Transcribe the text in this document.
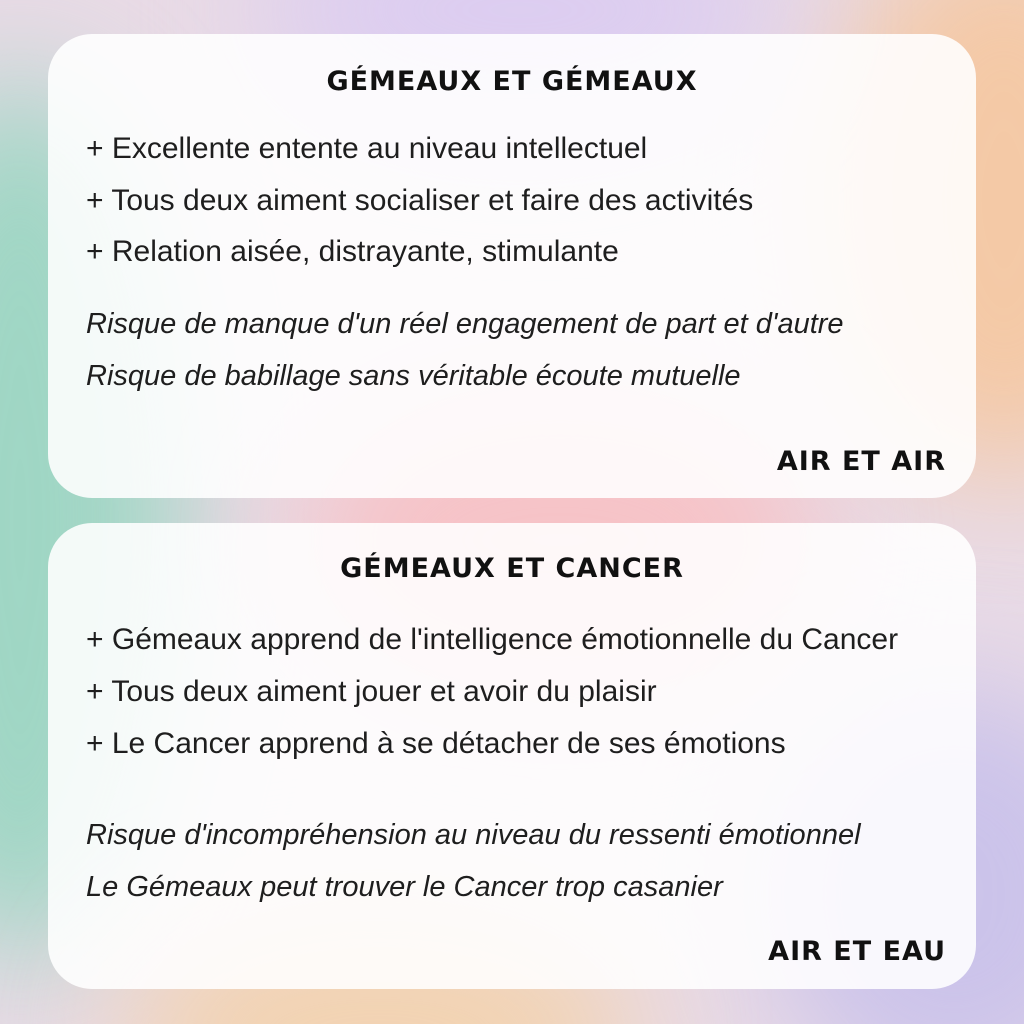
GÉMEAUX ET GÉMEAUX
+ Excellente entente au niveau intellectuel
+ Tous deux aiment socialiser et faire des activités
+ Relation aisée, distrayante, stimulante
Risque de manque d'un réel engagement de part et d'autre
Risque de babillage sans véritable écoute mutuelle
AIR ET AIR
GÉMEAUX ET CANCER
+ Gémeaux apprend de l'intelligence émotionnelle du Cancer
+ Tous deux aiment jouer et avoir du plaisir
+ Le Cancer apprend à se détacher de ses émotions
Risque d'incompréhension au niveau du ressenti émotionnel
Le Gémeaux peut trouver le Cancer trop casanier
AIR ET EAU
